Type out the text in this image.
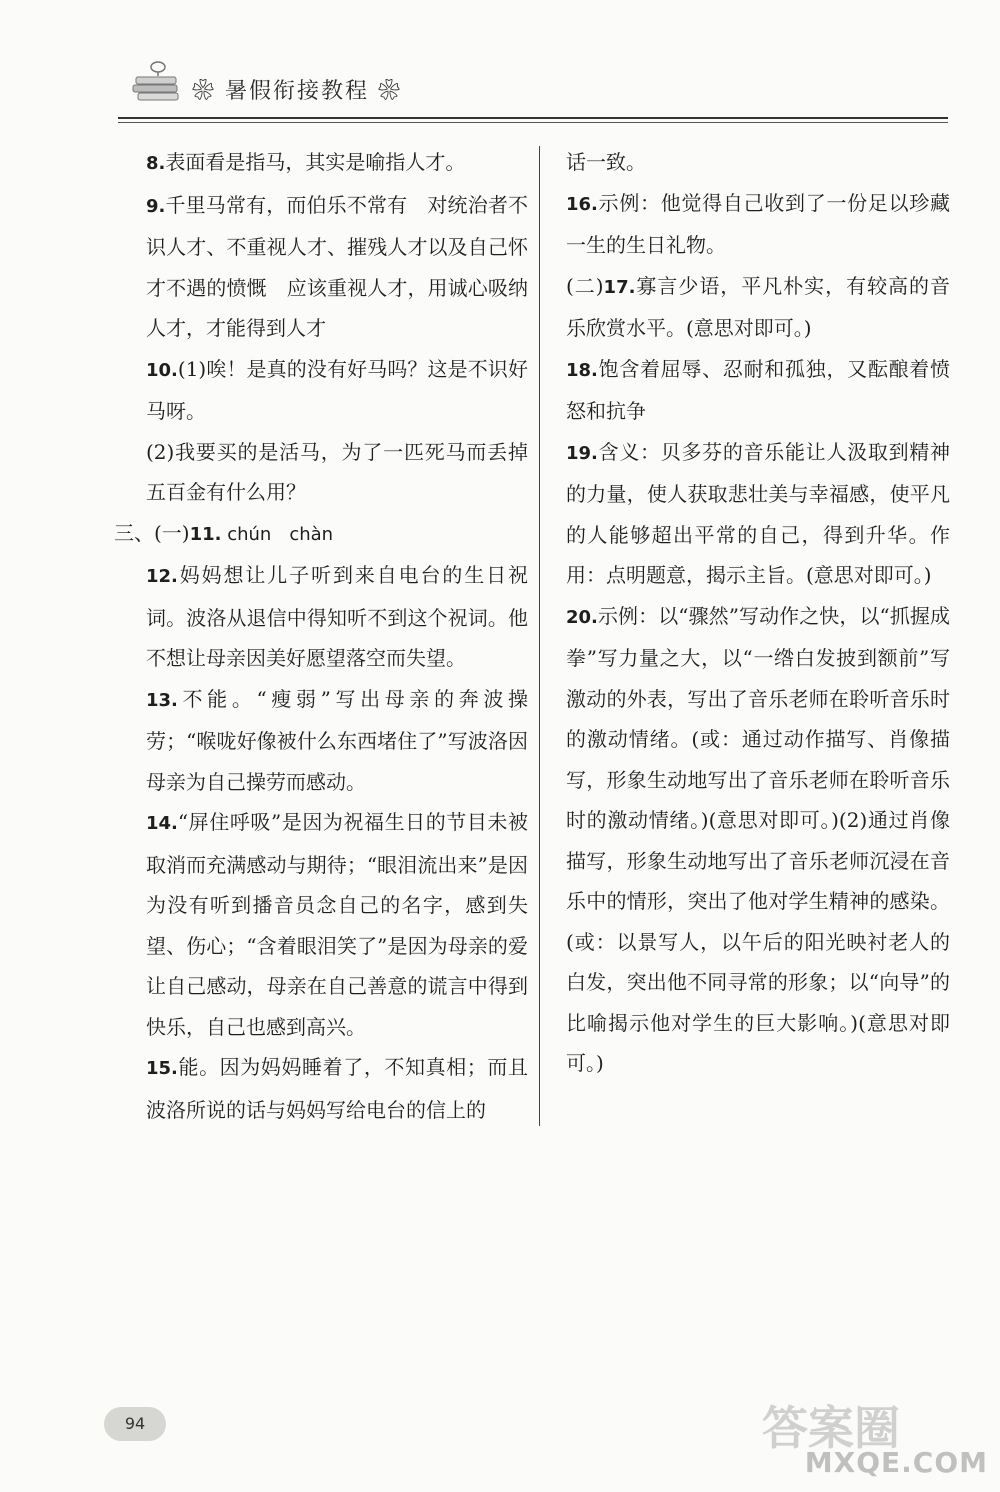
❀ 暑假衔接教程 ❀

8.表面看是指马，其实是喻指人才。

9.千里马常有，而伯乐不常有　对统治者不识人才、不重视人才、摧残人才以及自己怀才不遇的愤慨　应该重视人才，用诚心吸纳人才，才能得到人才

10.(1)唉！是真的没有好马吗？这是不识好马呀。

(2)我要买的是活马，为了一匹死马而丢掉五百金有什么用？

三、(一)11. chún　chàn

12.妈妈想让儿子听到来自电台的生日祝词。波洛从退信中得知听不到这个祝词。他不想让母亲因美好愿望落空而失望。

13.不能。“瘦弱”写出母亲的奔波操劳；“喉咙好像被什么东西堵住了”写波洛因母亲为自己操劳而感动。

14.“屏住呼吸”是因为祝福生日的节目未被取消而充满感动与期待；“眼泪流出来”是因为没有听到播音员念自己的名字，感到失望、伤心；“含着眼泪笑了”是因为母亲的爱让自己感动，母亲在自己善意的谎言中得到快乐，自己也感到高兴。

15.能。因为妈妈睡着了，不知真相；而且波洛所说的话与妈妈写给电台的信上的

话一致。

16.示例：他觉得自己收到了一份足以珍藏一生的生日礼物。

(二)17.寡言少语，平凡朴实，有较高的音乐欣赏水平。(意思对即可。)

18.饱含着屈辱、忍耐和孤独，又酝酿着愤怒和抗争

19.含义：贝多芬的音乐能让人汲取到精神的力量，使人获取悲壮美与幸福感，使平凡的人能够超出平常的自己，得到升华。作用：点明题意，揭示主旨。(意思对即可。)

20.示例：以“骤然”写动作之快，以“抓握成拳”写力量之大，以“一绺白发披到额前”写激动的外表，写出了音乐老师在聆听音乐时的激动情绪。(或：通过动作描写、肖像描写，形象生动地写出了音乐老师在聆听音乐时的激动情绪。)(意思对即可。)(2)通过肖像描写，形象生动地写出了音乐老师沉浸在音乐中的情形，突出了他对学生精神的感染。(或：以景写人，以午后的阳光映衬老人的白发，突出他不同寻常的形象；以“向导”的比喻揭示他对学生的巨大影响。)(意思对即可。)

94	答案圈
MXQE.COM
